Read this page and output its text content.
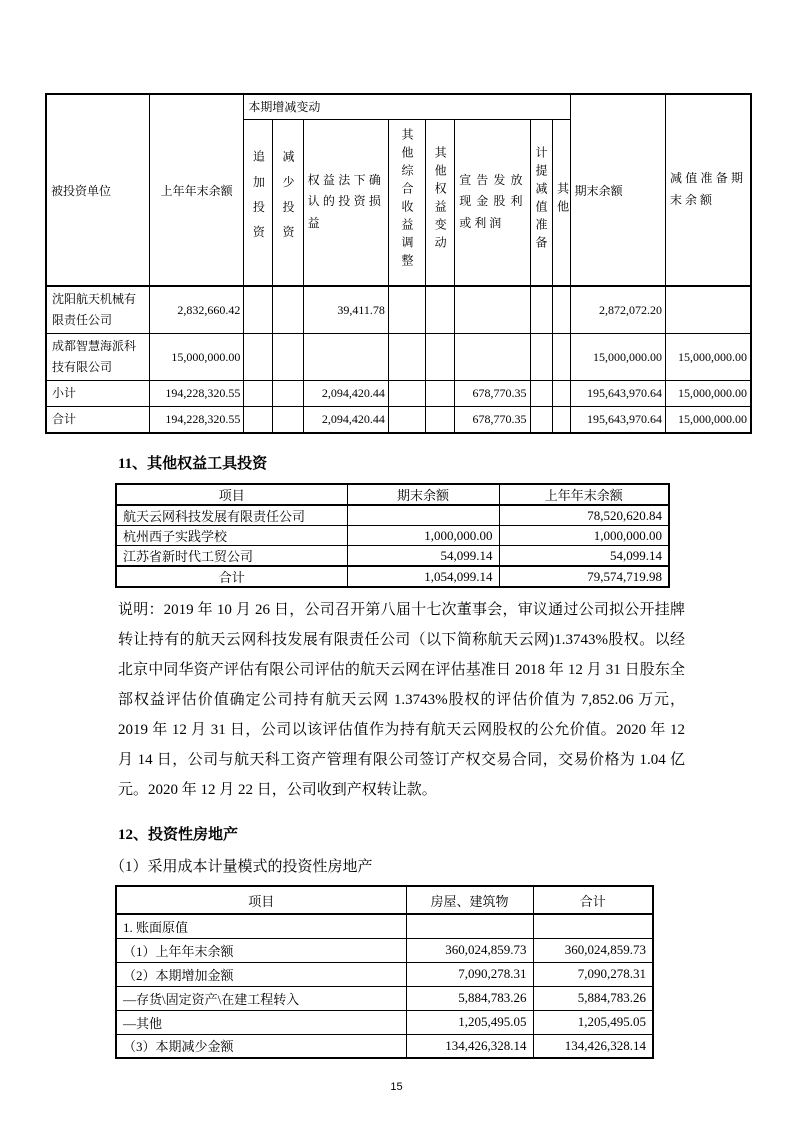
被投资单位	上年年末余额	本期增减变动								期末余额	减值准备期末余额
		追加投资	减少投资	权益法下确认的投资损益	其他综合收益调整	其他权益变动	宣告发放现金股利或利润	计提减值准备	其他		
沈阳航天机械有限责任公司	2,832,660.42			39,411.78						2,872,072.20	
成都智慧海派科技有限公司	15,000,000.00									15,000,000.00	15,000,000.00
小计	194,228,320.55			2,094,420.44			678,770.35			195,643,970.64	15,000,000.00
合计	194,228,320.55			2,094,420.44			678,770.35			195,643,970.64	15,000,000.00
11、其他权益工具投资
项目	期末余额	上年年末余额
航天云网科技发展有限责任公司		78,520,620.84
杭州西子实践学校	1,000,000.00	1,000,000.00
江苏省新时代工贸公司	54,099.14	54,099.14
合计	1,054,099.14	79,574,719.98
说明：2019 年 10 月 26 日，公司召开第八届十七次董事会，审议通过公司拟公开挂牌转让持有的航天云网科技发展有限责任公司（以下简称航天云网)1.3743%股权。以经北京中同华资产评估有限公司评估的航天云网在评估基准日 2018 年 12 月 31 日股东全部权益评估价值确定公司持有航天云网 1.3743%股权的评估价值为 7,852.06 万元，2019 年 12 月 31 日，公司以该评估值作为持有航天云网股权的公允价值。2020 年 12 月 14 日，公司与航天科工资产管理有限公司签订产权交易合同，交易价格为 1.04 亿元。2020 年 12 月 22 日，公司收到产权转让款。
12、投资性房地产
（1）采用成本计量模式的投资性房地产
项目	房屋、建筑物	合计
1. 账面原值		
（1）上年年末余额	360,024,859.73	360,024,859.73
（2）本期增加金额	7,090,278.31	7,090,278.31
—存货\固定资产\在建工程转入	5,884,783.26	5,884,783.26
—其他	1,205,495.05	1,205,495.05
（3）本期减少金额	134,426,328.14	134,426,328.14
15
